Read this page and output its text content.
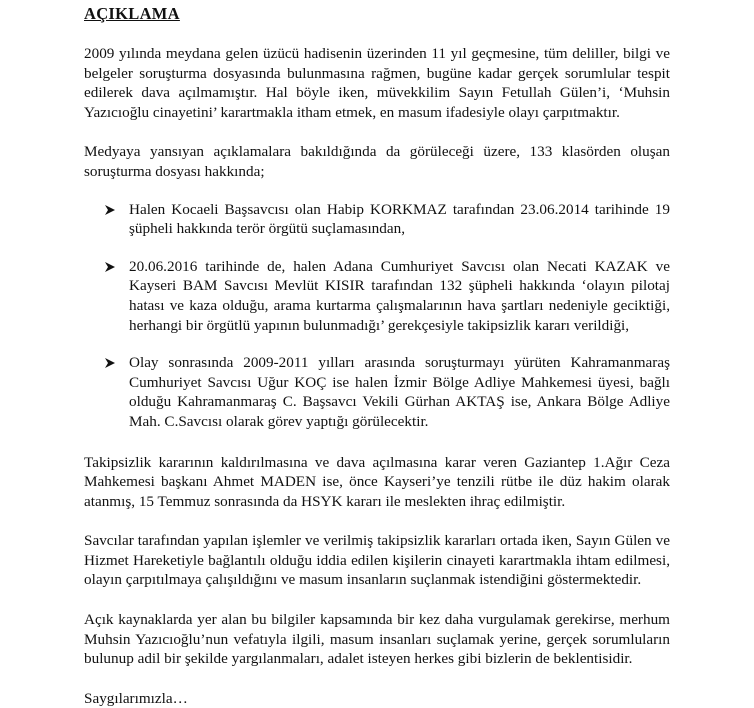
AÇIKLAMA

2009 yılında meydana gelen üzücü hadisenin üzerinden 11 yıl geçmesine, tüm deliller, bilgi ve belgeler soruşturma dosyasında bulunmasına rağmen, bugüne kadar gerçek sorumlular tespit edilerek dava açılmamıştır. Hal böyle iken, müvekkilim Sayın Fetullah Gülen’i, ‘Muhsin Yazıcıoğlu cinayetini’ karartmakla itham etmek, en masum ifadesiyle olayı çarpıtmaktır.

Medyaya yansıyan açıklamalara bakıldığında da görüleceği üzere, 133 klasörden oluşan soruşturma dosyası hakkında;

Halen Kocaeli Başsavcısı olan Habip KORKMAZ tarafından 23.06.2014 tarihinde 19 şüpheli hakkında terör örgütü suçlamasından,
20.06.2016 tarihinde de, halen Adana Cumhuriyet Savcısı olan Necati KAZAK ve Kayseri BAM Savcısı Mevlüt KISIR tarafından 132 şüpheli hakkında ‘olayın pilotaj hatası ve kaza olduğu, arama kurtarma çalışmalarının hava şartları nedeniyle geciktiği, herhangi bir örgütlü yapının bulunmadığı’ gerekçesiyle takipsizlik kararı verildiği,
Olay sonrasında 2009-2011 yılları arasında soruşturmayı yürüten Kahramanmaraş Cumhuriyet Savcısı Uğur KOÇ ise halen İzmir Bölge Adliye Mahkemesi üyesi, bağlı olduğu Kahramanmaraş C. Başsavcı Vekili Gürhan AKTAŞ ise, Ankara Bölge Adliye Mah. C.Savcısı olarak görev yaptığı görülecektir.

Takipsizlik kararının kaldırılmasına ve dava açılmasına karar veren Gaziantep 1.Ağır Ceza Mahkemesi başkanı Ahmet MADEN ise, önce Kayseri’ye tenzili rütbe ile düz hakim olarak atanmış, 15 Temmuz sonrasında da HSYK kararı ile meslekten ihraç edilmiştir.

Savcılar tarafından yapılan işlemler ve verilmiş takipsizlik kararları ortada iken, Sayın Gülen ve Hizmet Hareketiyle bağlantılı olduğu iddia edilen kişilerin cinayeti karartmakla ihtam edilmesi, olayın çarpıtılmaya çalışıldığını ve masum insanların suçlanmak istendiğini göstermektedir.

Açık kaynaklarda yer alan bu bilgiler kapsamında bir kez daha vurgulamak gerekirse, merhum Muhsin Yazıcıoğlu’nun vefatıyla ilgili, masum insanları suçlamak yerine, gerçek sorumluların bulunup adil bir şekilde yargılanmaları, adalet isteyen herkes gibi bizlerin de beklentisidir.

Saygılarımızla…
